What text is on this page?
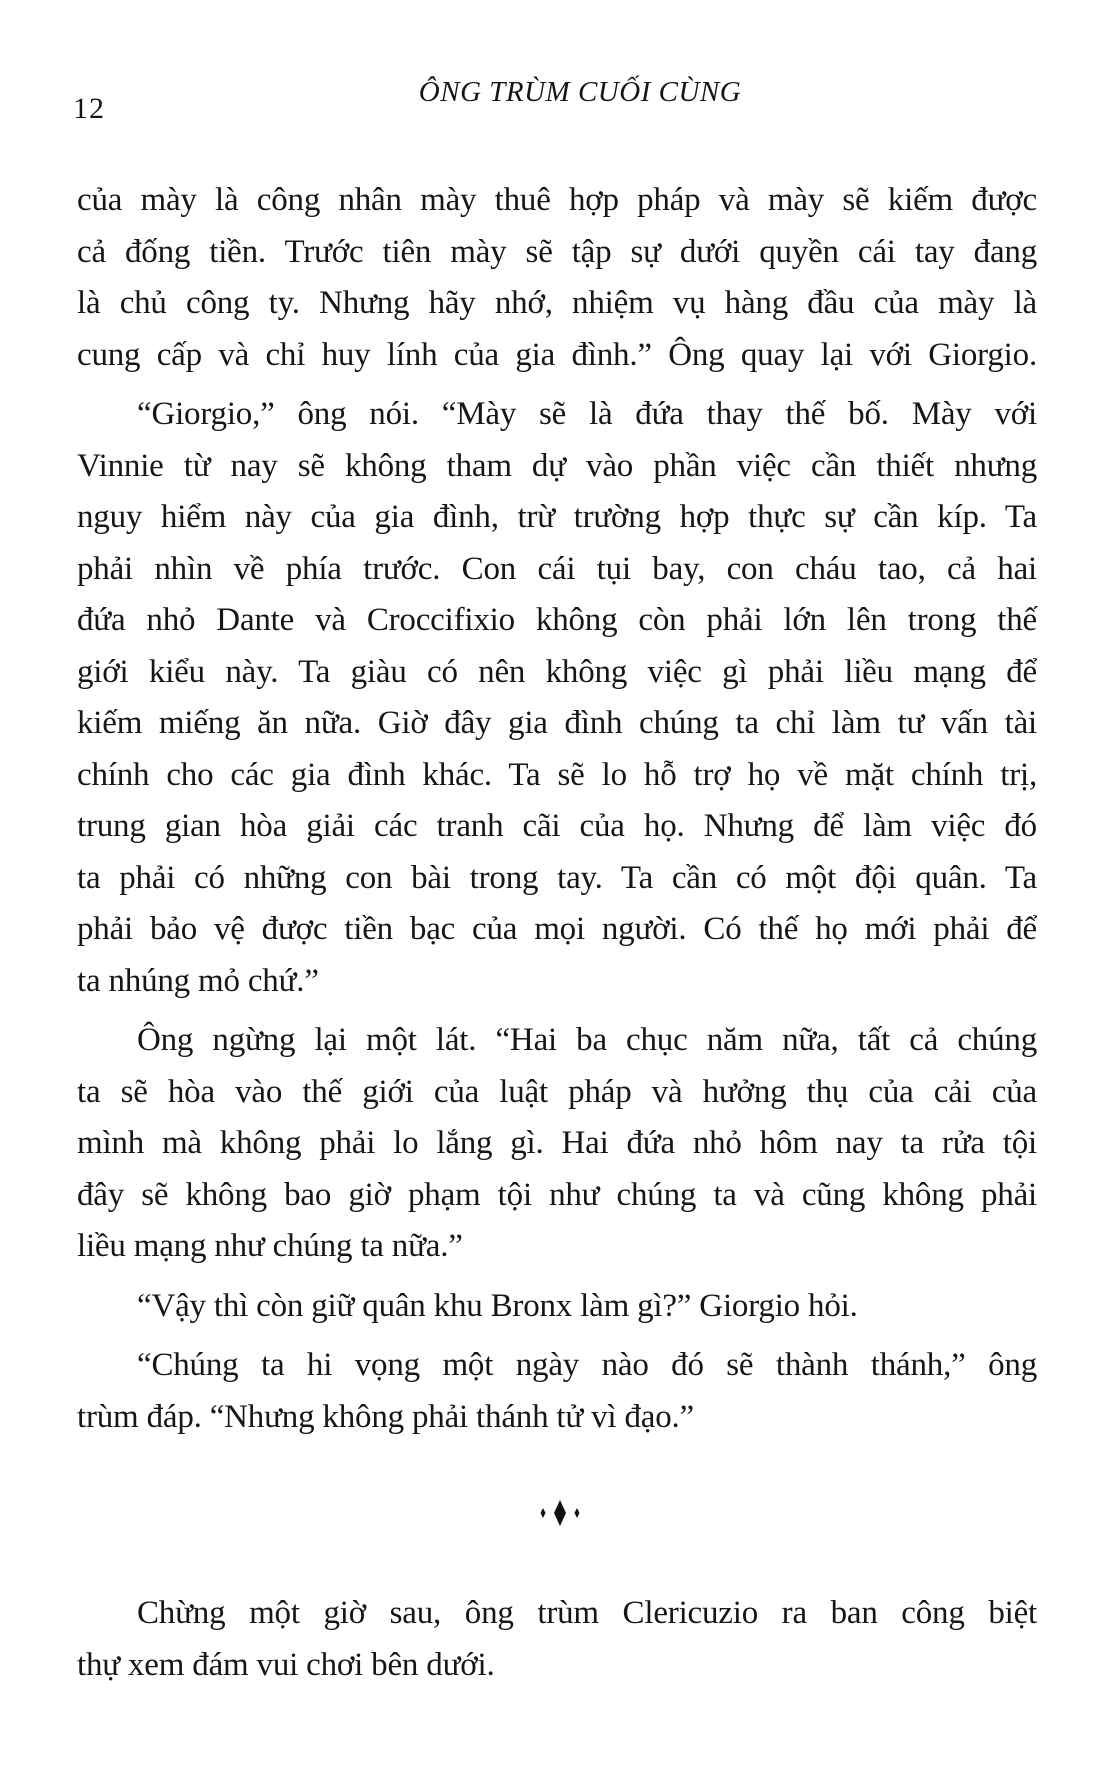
12	ÔNG TRÙM CUỐI CÙNG

của mày là công nhân mày thuê hợp pháp và mày sẽ kiếm được
cả đống tiền. Trước tiên mày sẽ tập sự dưới quyền cái tay đang
là chủ công ty. Nhưng hãy nhớ, nhiệm vụ hàng đầu của mày là
cung cấp và chỉ huy lính của gia đình.” Ông quay lại với Giorgio.

“Giorgio,” ông nói. “Mày sẽ là đứa thay thế bố. Mày với
Vinnie từ nay sẽ không tham dự vào phần việc cần thiết nhưng
nguy hiểm này của gia đình, trừ trường hợp thực sự cần kíp. Ta
phải nhìn về phía trước. Con cái tụi bay, con cháu tao, cả hai
đứa nhỏ Dante và Croccifixio không còn phải lớn lên trong thế
giới kiểu này. Ta giàu có nên không việc gì phải liều mạng để
kiếm miếng ăn nữa. Giờ đây gia đình chúng ta chỉ làm tư vấn tài
chính cho các gia đình khác. Ta sẽ lo hỗ trợ họ về mặt chính trị,
trung gian hòa giải các tranh cãi của họ. Nhưng để làm việc đó
ta phải có những con bài trong tay. Ta cần có một đội quân. Ta
phải bảo vệ được tiền bạc của mọi người. Có thế họ mới phải để
ta nhúng mỏ chứ.”

Ông ngừng lại một lát. “Hai ba chục năm nữa, tất cả chúng
ta sẽ hòa vào thế giới của luật pháp và hưởng thụ của cải của
mình mà không phải lo lắng gì. Hai đứa nhỏ hôm nay ta rửa tội
đây sẽ không bao giờ phạm tội như chúng ta và cũng không phải
liều mạng như chúng ta nữa.”

“Vậy thì còn giữ quân khu Bronx làm gì?” Giorgio hỏi.

“Chúng ta hi vọng một ngày nào đó sẽ thành thánh,” ông
trùm đáp. “Nhưng không phải thánh tử vì đạo.”

Chừng một giờ sau, ông trùm Clericuzio ra ban công biệt
thự xem đám vui chơi bên dưới.
